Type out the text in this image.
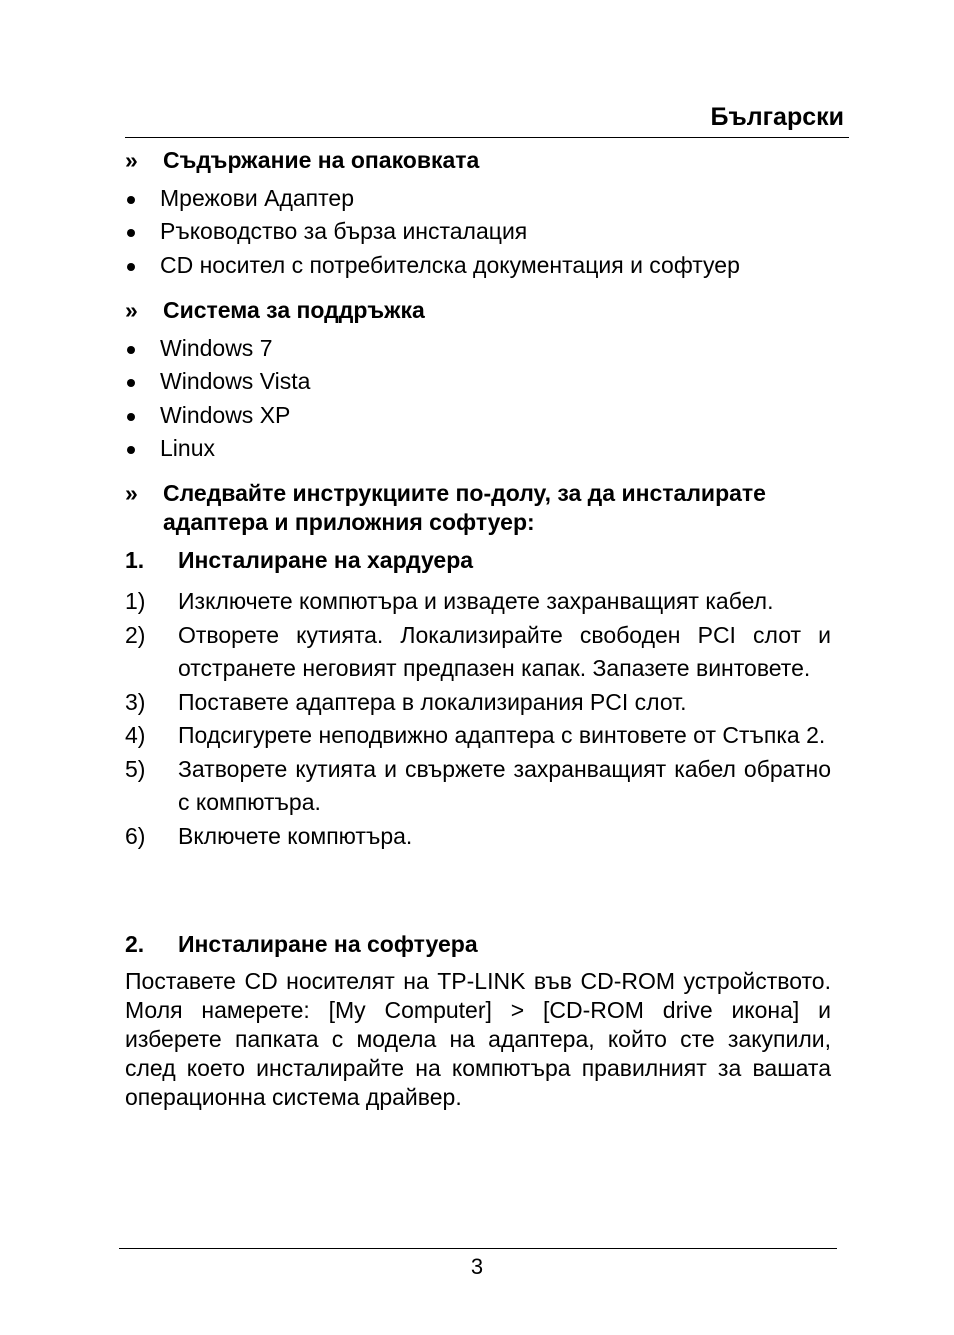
Български
» Съдържание на опаковката
Мрежови Адаптер
Ръководство за бърза инсталация
CD носител с потребителска документация и софтуер
» Система за поддръжка
Windows 7
Windows Vista
Windows XP
Linux
» Следвайте инструкциите по-долу, за да инсталирате
адаптера и приложния софтуер:
1. Инсталиране на хардуера
1) Изключете компютъра и извадете захранващият кабел.
2) Отворете кутията. Локализирайте свободен PCI слот и отстранете неговият предпазен капак. Запазете винтовете.
3) Поставете адаптера в локализирания PCI слот.
4) Подсигурете неподвижно адаптера с винтовете от Стъпка 2.
5) Затворете кутията и свържете захранващият кабел обратно с компютъра.
6) Включете компютъра.
2. Инсталиране на софтуера

Поставете CD носителят на TP-LINK във CD-ROM устройството. Моля намерете: [My Computer] > [CD-ROM drive икона] и изберете папката с модела на адаптера, който сте закупили, след което инсталирайте на компютъра правилният за вашата операционна система драйвер.

3
